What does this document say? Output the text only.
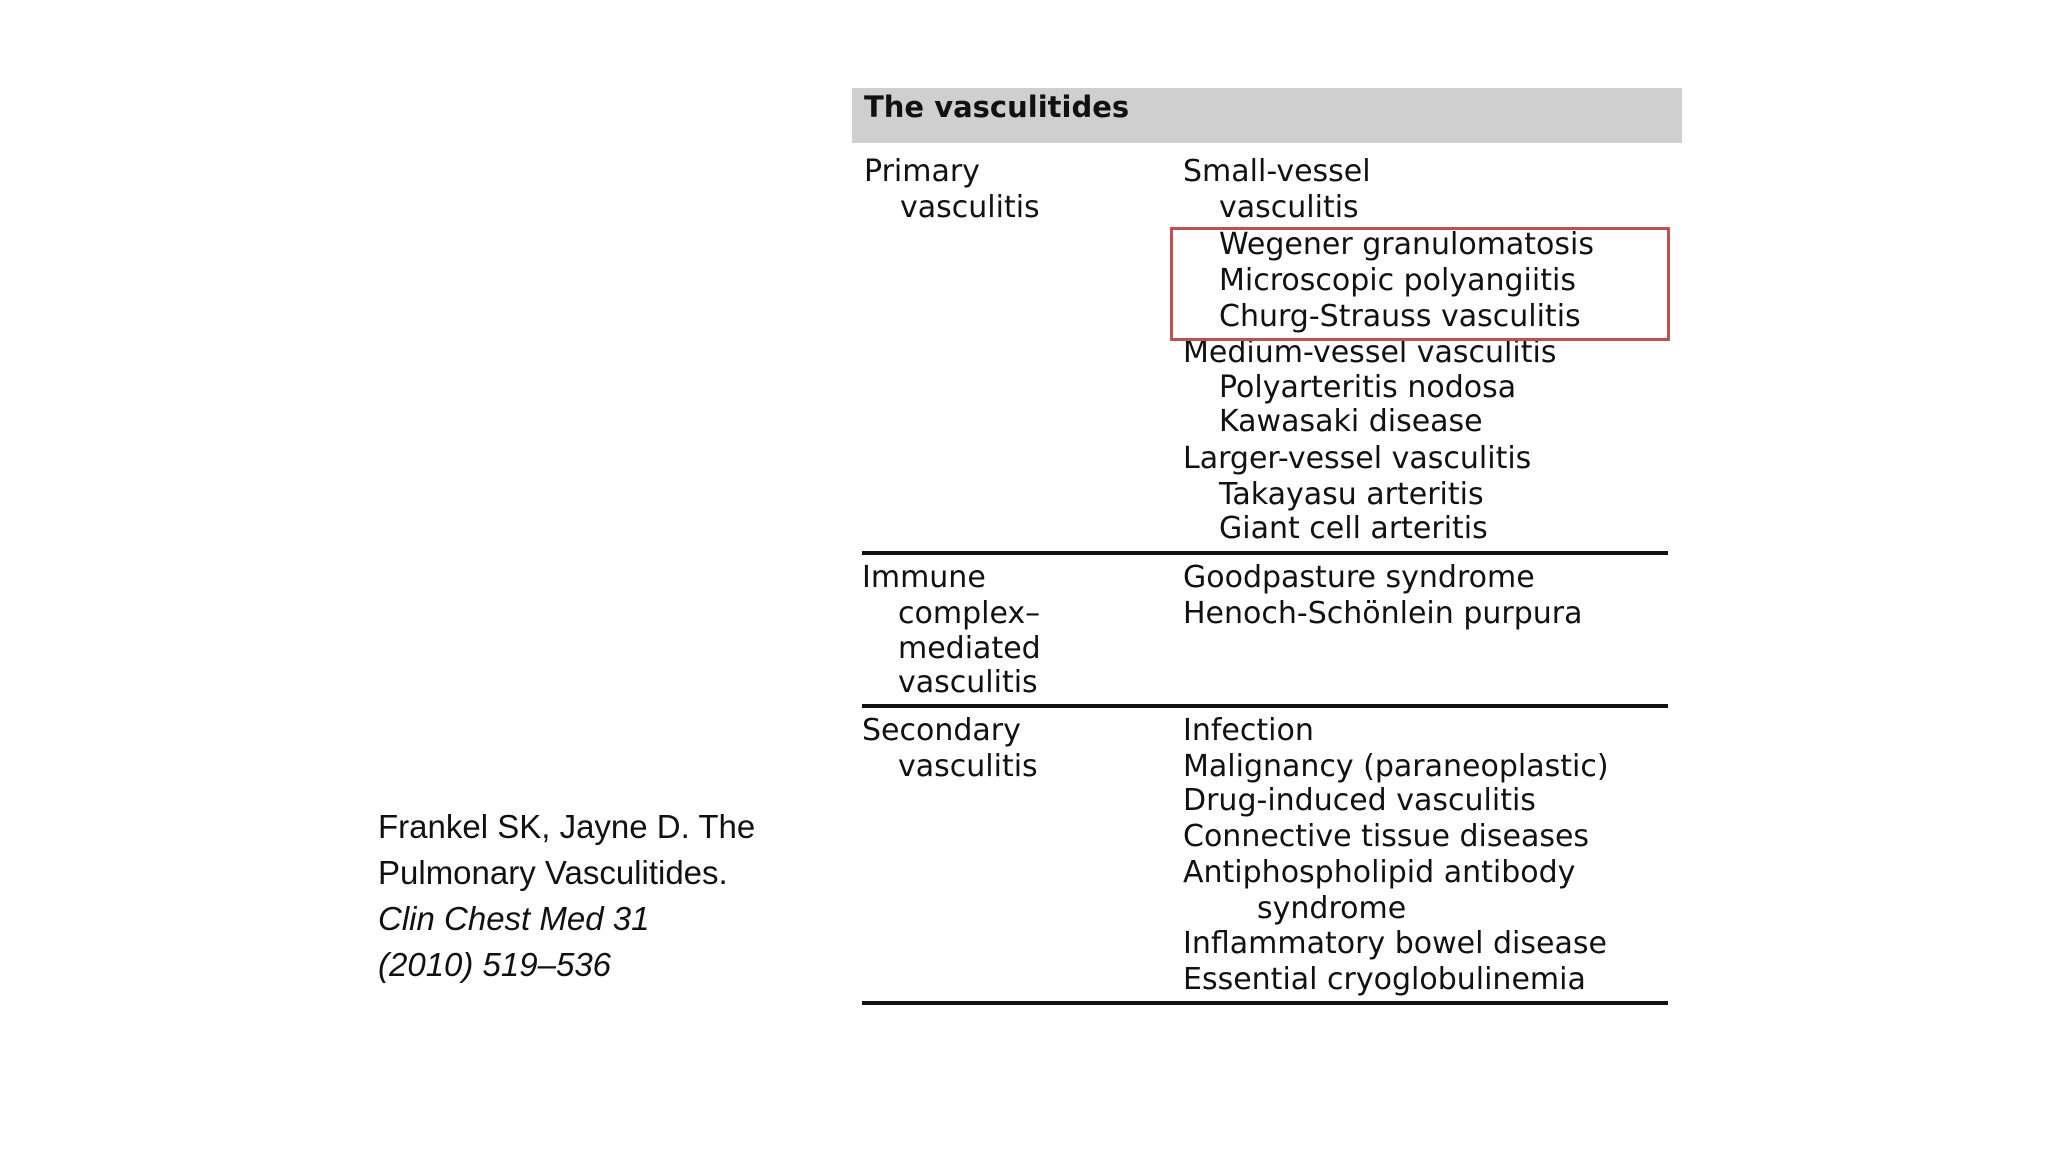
Frankel SK, Jayne D. The
Pulmonary Vasculitides.
Clin Chest Med 31
(2010) 519–536
The vasculitides
Primary
vasculitis
Small-vessel
vasculitis
Wegener granulomatosis
Microscopic polyangiitis
Churg-Strauss vasculitis
Medium-vessel vasculitis
Polyarteritis nodosa
Kawasaki disease
Larger-vessel vasculitis
Takayasu arteritis
Giant cell arteritis
Immune
complex–
mediated
vasculitis
Goodpasture syndrome
Henoch-Schönlein purpura
Secondary
vasculitis
Infection
Malignancy (paraneoplastic)
Drug-induced vasculitis
Connective tissue diseases
Antiphospholipid antibody
syndrome
Inflammatory bowel disease
Essential cryoglobulinemia
